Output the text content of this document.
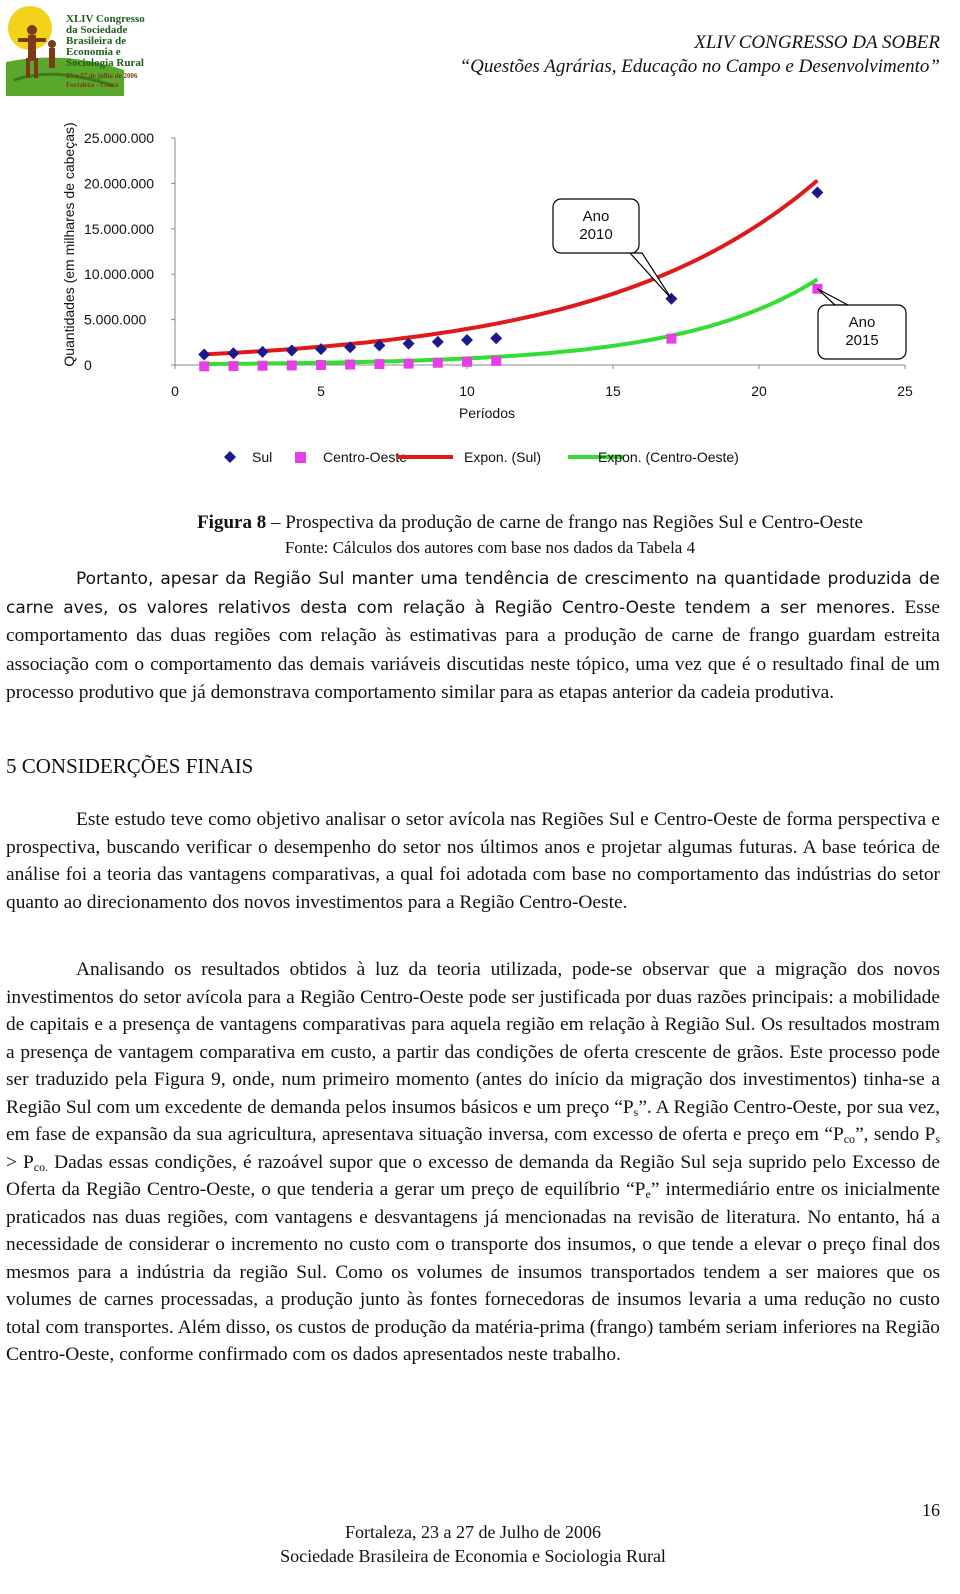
XLIV Congresso
da Sociedade
Brasileira de
Economia e
Sociologia Rural
23 a 27 de julho de 2006
Fortaleza - Ceará
XLIV CONGRESSO DA SOBER
“Questões Agrárias, Educação no Campo e Desenvolvimento”
0
5.000.000
10.000.000
15.000.000
20.000.000
25.000.000
0	5	10	15	20	25
Períodos
Quantidades (em milhares de cabeças)	Ano
2010
Ano
2015
Sul	Centro-Oeste	Expon. (Sul)	Expon. (Centro-Oeste)
Figura 8 – Prospectiva da produção de carne de frango nas Regiões Sul e Centro-Oeste
Fonte: Cálculos dos autores com base nos dados da Tabela 4

Portanto, apesar da Região Sul manter uma tendência de crescimento na quantidade produzida de carne aves, os valores relativos desta com relação à Região Centro-Oeste tendem a ser menores. Esse comportamento das duas regiões com relação às estimativas para a produção de carne de frango guardam estreita associação com o comportamento das demais variáveis discutidas neste tópico, uma vez que é o resultado final de um processo produtivo que já demonstrava comportamento similar para as etapas anterior da cadeia produtiva.

5 CONSIDERÇÕES FINAIS

Este estudo teve como objetivo analisar o setor avícola nas Regiões Sul e Centro-Oeste de forma perspectiva e prospectiva, buscando verificar o desempenho do setor nos últimos anos e projetar algumas futuras. A base teórica de análise foi a teoria das vantagens comparativas, a qual foi adotada com base no comportamento das indústrias do setor quanto ao direcionamento dos novos investimentos para a Região Centro-Oeste.

Analisando os resultados obtidos à luz da teoria utilizada, pode-se observar que a migração dos novos investimentos do setor avícola para a Região Centro-Oeste pode ser justificada por duas razões principais: a mobilidade de capitais e a presença de vantagens comparativas para aquela região em relação à Região Sul. Os resultados mostram a presença de vantagem comparativa em custo, a partir das condições de oferta crescente de grãos. Este processo pode ser traduzido pela Figura 9, onde, num primeiro momento (antes do início da migração dos investimentos) tinha-se a Região Sul com um excedente de demanda pelos insumos básicos e um preço “$P_s$”. A Região Centro-Oeste, por sua vez, em fase de expansão da sua agricultura, apresentava situação inversa, com excesso de oferta e preço em “$P_{co}$”, sendo $P_s > P_{co.}$ Dadas essas condições, é razoável supor que o excesso de demanda da Região Sul seja suprido pelo Excesso de Oferta da Região Centro-Oeste, o que tenderia a gerar um preço de equilíbrio “$P_e$” intermediário entre os inicialmente praticados nas duas regiões, com vantagens e desvantagens já mencionadas na revisão de literatura. No entanto, há a necessidade de considerar o incremento no custo com o transporte dos insumos, o que tende a elevar o preço final dos mesmos para a indústria da região Sul. Como os volumes de insumos transportados tendem a ser maiores que os volumes de carnes processadas, a produção junto às fontes fornecedoras de insumos levaria a uma redução no custo total com transportes. Além disso, os custos de produção da matéria-prima (frango) também seriam inferiores na Região Centro-Oeste, conforme confirmado com os dados apresentados neste trabalho.

16
Fortaleza, 23 a 27 de Julho de 2006
Sociedade Brasileira de Economia e Sociologia Rural
